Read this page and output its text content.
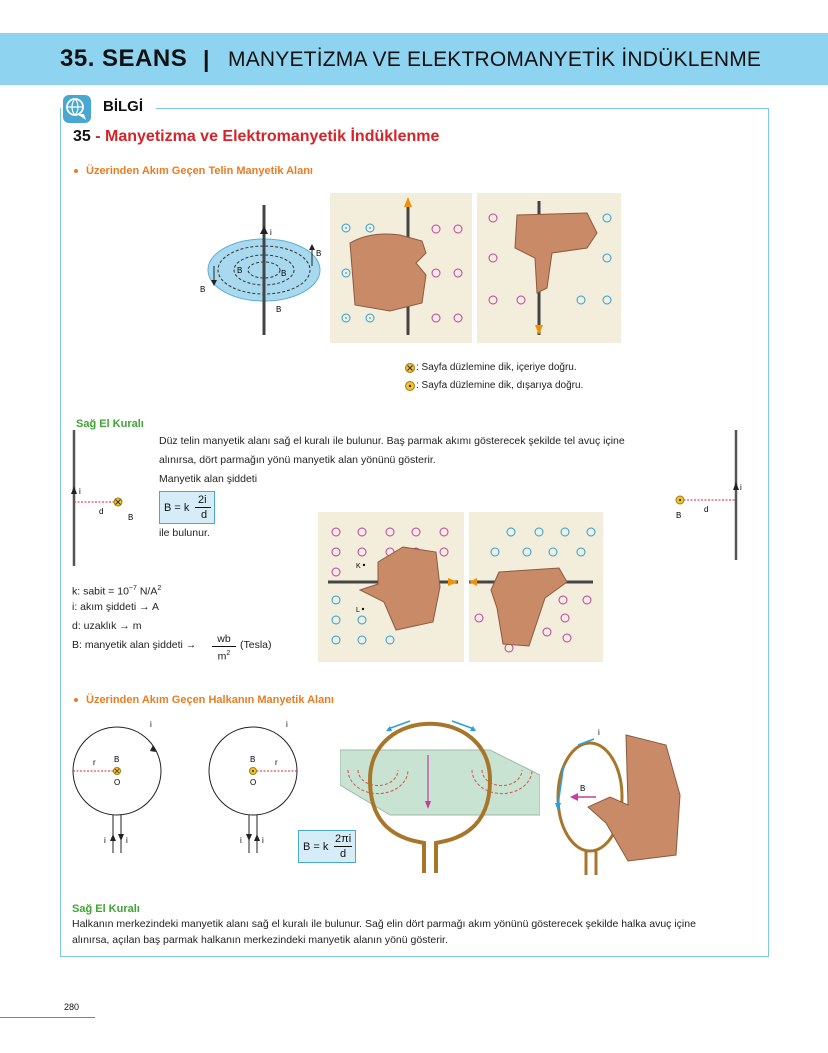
35. SEANS | MANYETİZMA VE ELEKTROMANYETİK İNDÜKLENME
BİLGİ
35 - Manyetizma ve Elektromanyetik İndüklenme
Üzerinden Akım Geçen Telin Manyetik Alanı
i
B
B
B	B
B
: Sayfa düzlemine dik, içeriye doğru.
: Sayfa düzlemine dik, dışarıya doğru.
Sağ El Kuralı
Düz telin manyetik alanı sağ el kuralı ile bulunur. Baş parmak akımı gösterecek şekilde tel avuç içine
alınırsa, dört parmağın yönü manyetik alan yönünü gösterir.
Manyetik alan şiddeti
i
d
B
B = k
2i
d
ile bulunur.
K
L
i
d
B
k: sabit = $10^{-7}$ $N/A^2$
i: akım şiddeti → A
d: uzaklık → m
B: manyetik alan şiddeti →	wb
$m^2$
(Tesla)
Üzerinden Akım Geçen Halkanın Manyetik Alanı
i	i
i
r B
O
i	i
i
r
B
O
B = k
2πi
d
B
i
Sağ El Kuralı
Halkanın merkezindeki manyetik alanı sağ el kuralı ile bulunur. Sağ elin dört parmağı akım yönünü gösterecek şekilde halka avuç içine
alınırsa, açılan baş parmak halkanın merkezindeki manyetik alanın yönü gösterir.
280
